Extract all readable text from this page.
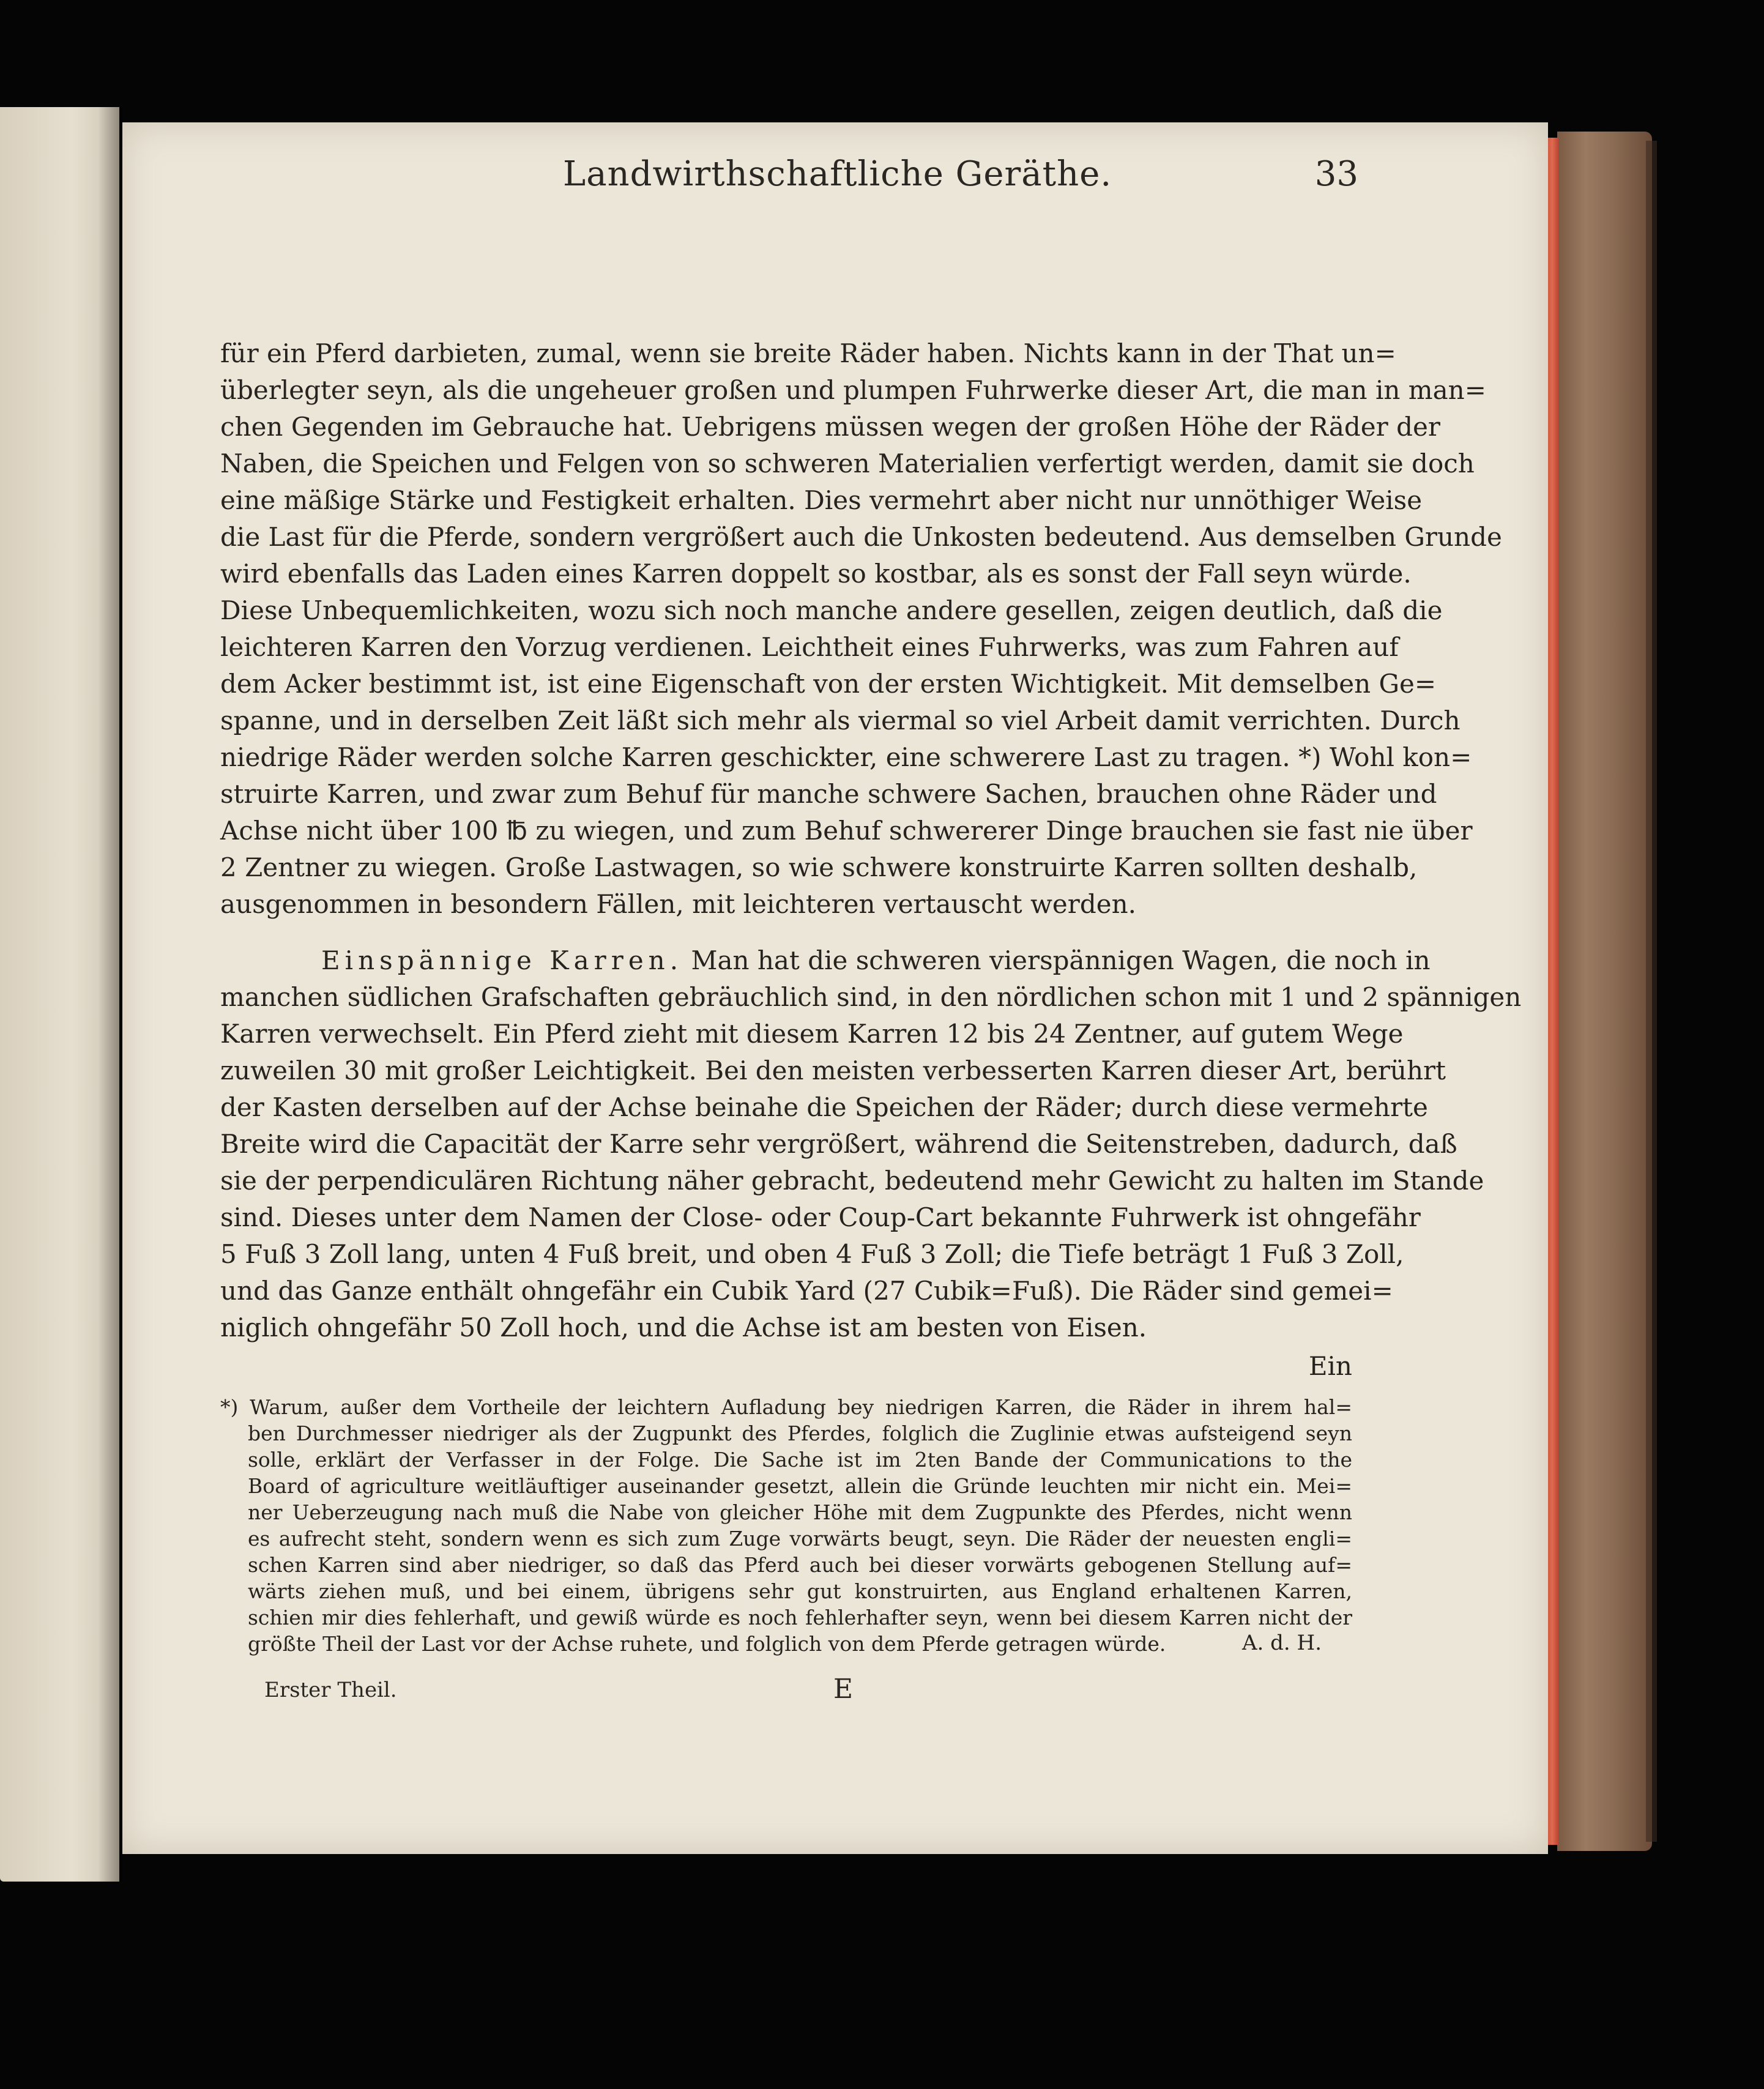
Landwirthschaftliche Geräthe.	33
für ein Pferd darbieten, zumal, wenn sie breite Räder haben. Nichts kann in der That un=
überlegter seyn, als die ungeheuer großen und plumpen Fuhrwerke dieser Art, die man in man=
chen Gegenden im Gebrauche hat. Uebrigens müssen wegen der großen Höhe der Räder der
Naben, die Speichen und Felgen von so schweren Materialien verfertigt werden, damit sie doch
eine mäßige Stärke und Festigkeit erhalten. Dies vermehrt aber nicht nur unnöthiger Weise
die Last für die Pferde, sondern vergrößert auch die Unkosten bedeutend. Aus demselben Grunde
wird ebenfalls das Laden eines Karren doppelt so kostbar, als es sonst der Fall seyn würde.
Diese Unbequemlichkeiten, wozu sich noch manche andere gesellen, zeigen deutlich, daß die
leichteren Karren den Vorzug verdienen. Leichtheit eines Fuhrwerks, was zum Fahren auf
dem Acker bestimmt ist, ist eine Eigenschaft von der ersten Wichtigkeit. Mit demselben Ge=
spanne, und in derselben Zeit läßt sich mehr als viermal so viel Arbeit damit verrichten. Durch
niedrige Räder werden solche Karren geschickter, eine schwerere Last zu tragen. *) Wohl kon=
struirte Karren, und zwar zum Behuf für manche schwere Sachen, brauchen ohne Räder und
Achse nicht über 100 ℔ zu wiegen, und zum Behuf schwererer Dinge brauchen sie fast nie über
2 Zentner zu wiegen. Große Lastwagen, so wie schwere konstruirte Karren sollten deshalb,
ausgenommen in besondern Fällen, mit leichteren vertauscht werden.
Einspännige Karren. Man hat die schweren vierspännigen Wagen, die noch in
manchen südlichen Grafschaften gebräuchlich sind, in den nördlichen schon mit 1 und 2 spännigen
Karren verwechselt. Ein Pferd zieht mit diesem Karren 12 bis 24 Zentner, auf gutem Wege
zuweilen 30 mit großer Leichtigkeit. Bei den meisten verbesserten Karren dieser Art, berührt
der Kasten derselben auf der Achse beinahe die Speichen der Räder; durch diese vermehrte
Breite wird die Capacität der Karre sehr vergrößert, während die Seitenstreben, dadurch, daß
sie der perpendiculären Richtung näher gebracht, bedeutend mehr Gewicht zu halten im Stande
sind. Dieses unter dem Namen der Close- oder Coup-Cart bekannte Fuhrwerk ist ohngefähr
5 Fuß 3 Zoll lang, unten 4 Fuß breit, und oben 4 Fuß 3 Zoll; die Tiefe beträgt 1 Fuß 3 Zoll,
und das Ganze enthält ohngefähr ein Cubik Yard (27 Cubik=Fuß). Die Räder sind gemei=
niglich ohngefähr 50 Zoll hoch, und die Achse ist am besten von Eisen.
Ein
*) Warum, außer dem Vortheile der leichtern Aufladung bey niedrigen Karren, die Räder in ihrem hal=
ben Durchmesser niedriger als der Zugpunkt des Pferdes, folglich die Zuglinie etwas aufsteigend seyn
solle, erklärt der Verfasser in der Folge. Die Sache ist im 2ten Bande der Communications to the
Board of agriculture weitläuftiger auseinander gesetzt, allein die Gründe leuchten mir nicht ein. Mei=
ner Ueberzeugung nach muß die Nabe von gleicher Höhe mit dem Zugpunkte des Pferdes, nicht wenn
es aufrecht steht, sondern wenn es sich zum Zuge vorwärts beugt, seyn. Die Räder der neuesten engli=
schen Karren sind aber niedriger, so daß das Pferd auch bei dieser vorwärts gebogenen Stellung auf=
wärts ziehen muß, und bei einem, übrigens sehr gut konstruirten, aus England erhaltenen Karren,
schien mir dies fehlerhaft, und gewiß würde es noch fehlerhafter seyn, wenn bei diesem Karren nicht der
größte Theil der Last vor der Achse ruhete, und folglich von dem Pferde getragen würde.	A. d. H.
Erster Theil.	E
